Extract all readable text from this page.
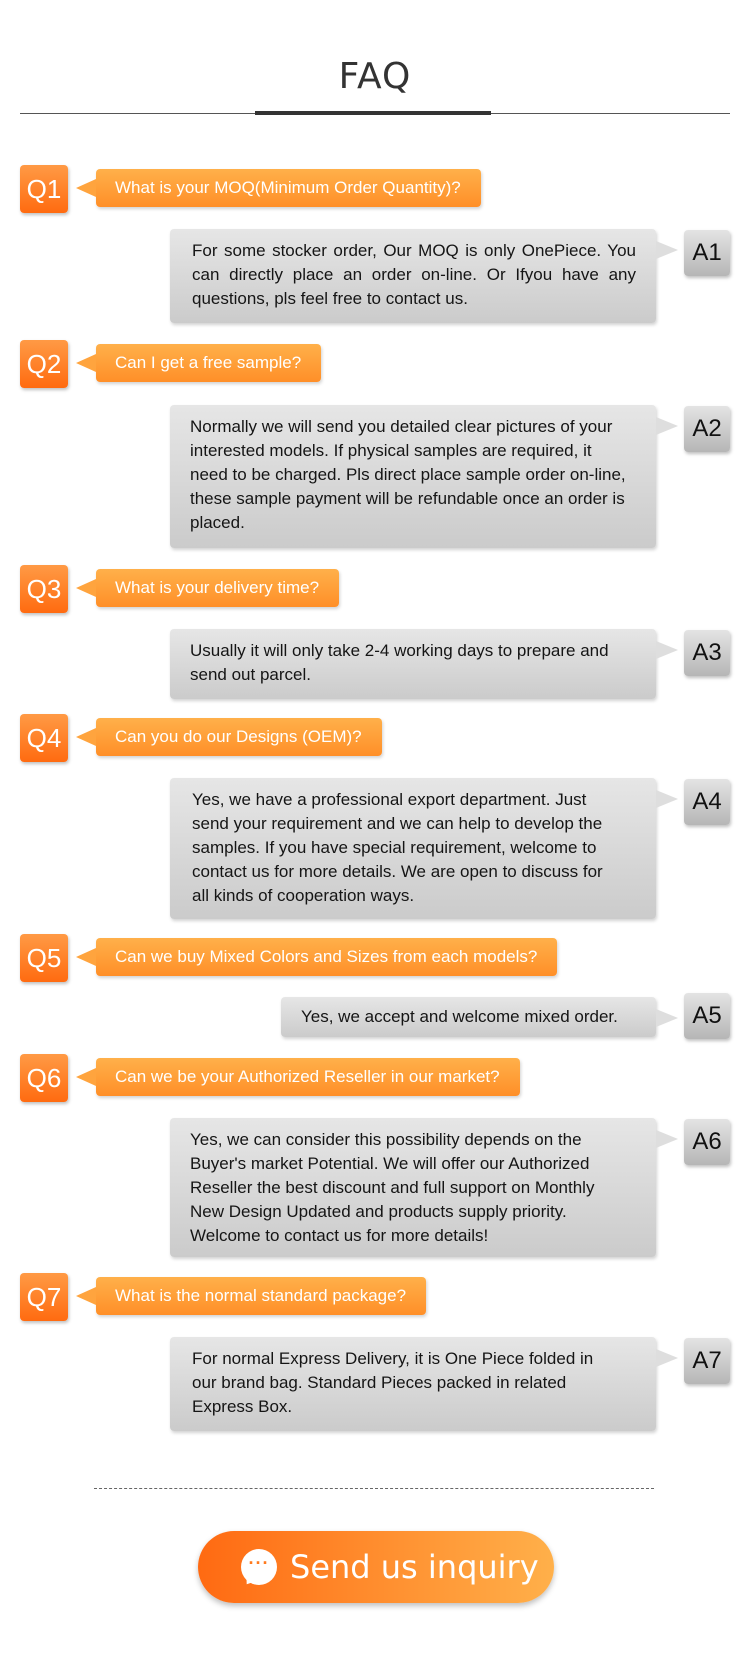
FAQ
Q1	What is your MOQ(Minimum Order Quantity)?
For some stocker order, Our MOQ is only OnePiece. You can directly place an order on-line. Or Ifyou have any questions, pls feel free to contact us.
A1
Q2	Can I get a free sample?
Normally we will send you detailed clear pictures of your interested models. If physical samples are required, it need to be charged. Pls direct place sample order on-line, these sample payment will be refundable once an order is placed.
A2
Q3	What is your delivery time?
Usually it will only take 2-4 working days to prepare and send out parcel.
A3
Q4	Can you do our Designs (OEM)?
Yes, we have a professional export department. Just send your requirement and we can help to develop the samples. If you have special requirement, welcome to contact us for more details. We are open to discuss for all kinds of cooperation ways.
A4
Q5	Can we buy Mixed Colors and Sizes from each models?
Yes, we accept and welcome mixed order.	A5
Q6	Can we be your Authorized Reseller in our market?
Yes, we can consider this possibility depends on the Buyer's market Potential. We will offer our Authorized Reseller the best discount and full support on Monthly New Design Updated and products supply priority. Welcome to contact us for more details!
A6
Q7	What is the normal standard package?
For normal Express Delivery, it is One Piece folded in our brand bag. Standard Pieces packed in related Express Box.
A7
··· Send us inquiry
